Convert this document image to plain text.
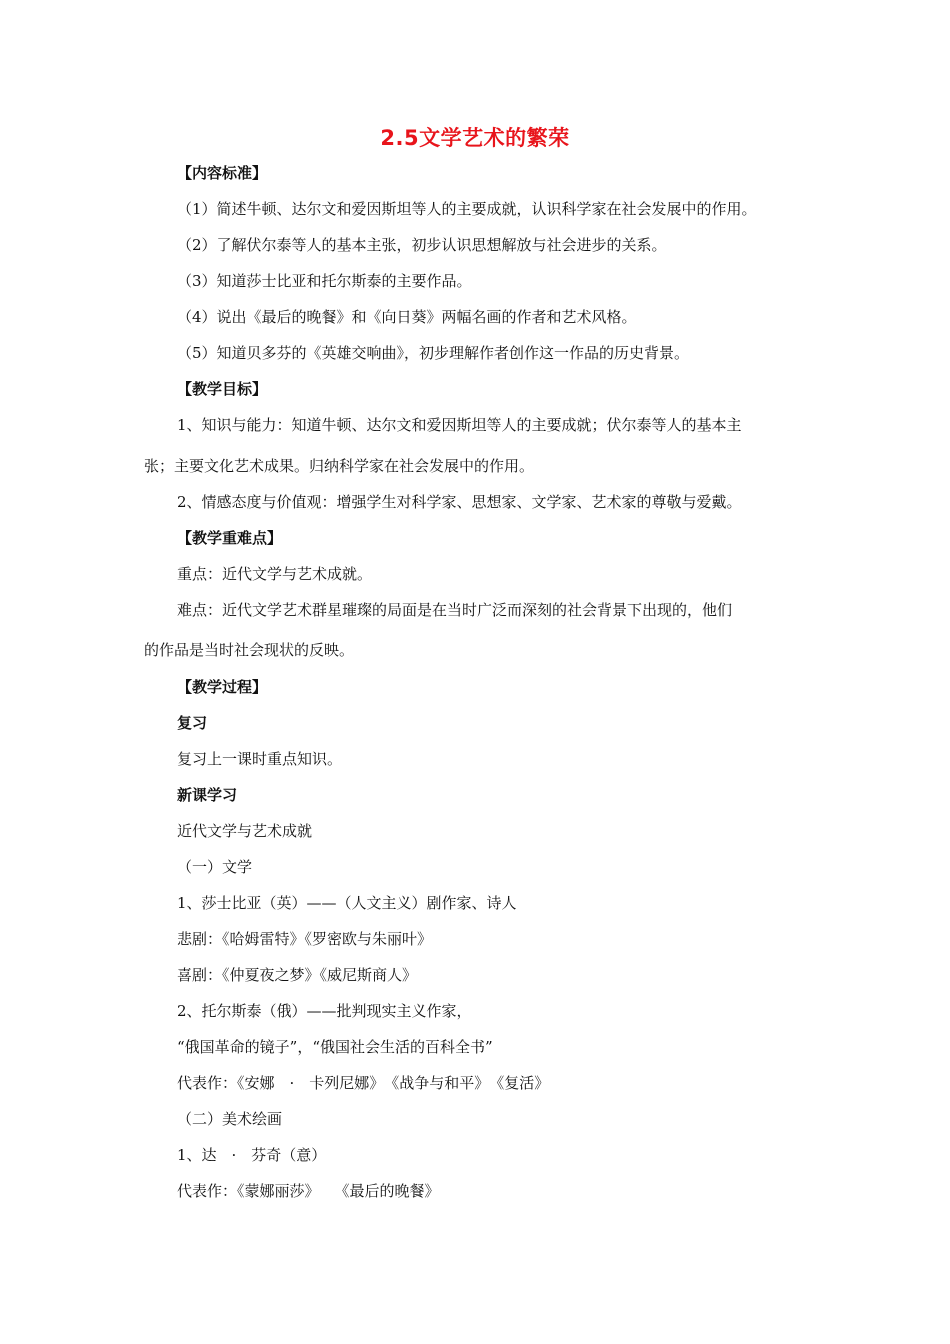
2.5文学艺术的繁荣
【内容标准】
（1）简述牛顿、达尔文和爱因斯坦等人的主要成就，认识科学家在社会发展中的作用。
（2）了解伏尔泰等人的基本主张，初步认识思想解放与社会进步的关系。
（3）知道莎士比亚和托尔斯泰的主要作品。
（4）说出《最后的晚餐》和《向日葵》两幅名画的作者和艺术风格。
（5）知道贝多芬的《英雄交响曲》，初步理解作者创作这一作品的历史背景。
【教学目标】
1、知识与能力：知道牛顿、达尔文和爱因斯坦等人的主要成就；伏尔泰等人的基本主
张；主要文化艺术成果。归纳科学家在社会发展中的作用。
2、情感态度与价值观：增强学生对科学家、思想家、文学家、艺术家的尊敬与爱戴。
【教学重难点】
重点：近代文学与艺术成就。
难点：近代文学艺术群星璀璨的局面是在当时广泛而深刻的社会背景下出现的，他们
的作品是当时社会现状的反映。
【教学过程】
复习
复习上一课时重点知识。
新课学习
近代文学与艺术成就
（一）文学
1、莎士比亚（英）——（人文主义）剧作家、诗人
悲剧：《哈姆雷特》《罗密欧与朱丽叶》
喜剧：《仲夏夜之梦》《威尼斯商人》
2、托尔斯泰（俄）——批判现实主义作家，
“俄国革命的镜子”，“俄国社会生活的百科全书”
代表作：《安娜　·　卡列尼娜》　《战争与和平》　《复活》
（二）美术绘画
1、达　·　芬奇（意）
代表作：《蒙娜丽莎》　　《最后的晚餐》
